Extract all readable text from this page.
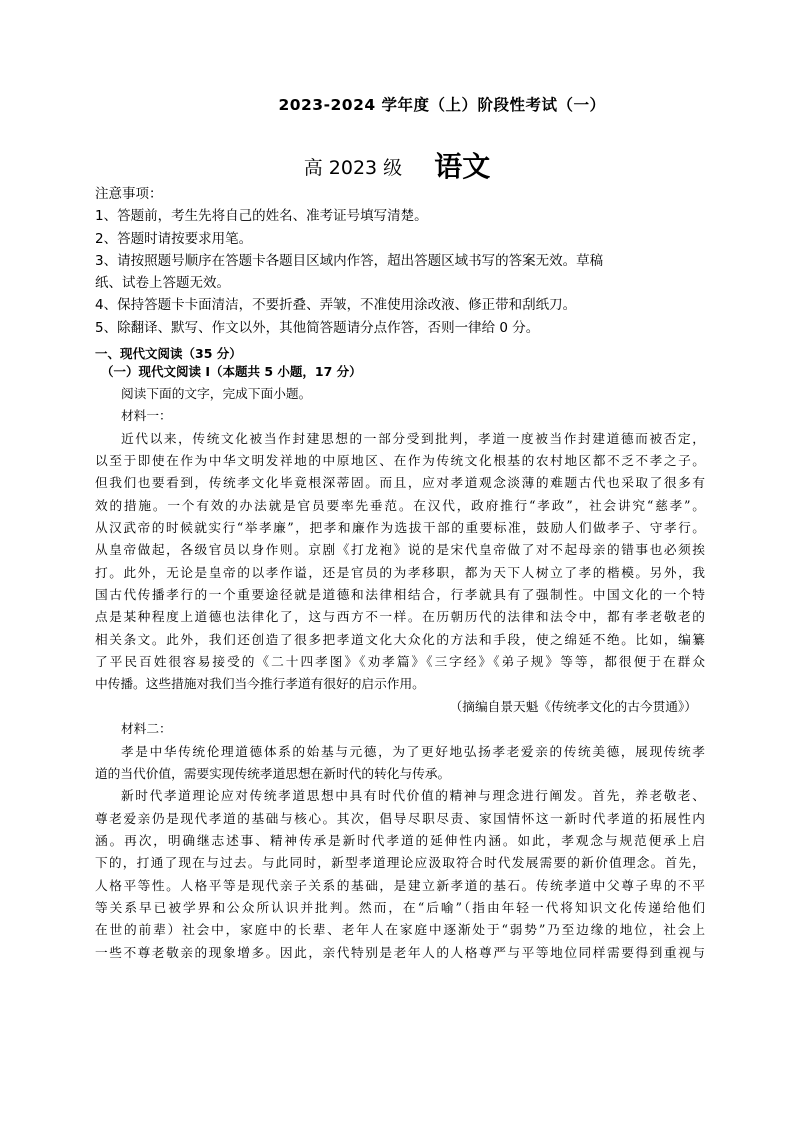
2023-2024 学年度（上）阶段性考试（一）
高 2023 级 语文

注意事项：

1、答题前，考生先将自己的姓名、准考证号填写清楚。

2、答题时请按要求用笔。

3、请按照题号顺序在答题卡各题目区域内作答，超出答题区域书写的答案无效。草稿

纸、试卷上答题无效。

4、保持答题卡卡面清洁，不要折叠、弄皱，不准使用涂改液、修正带和刮纸刀。

5、除翻译、默写、作文以外，其他简答题请分点作答，否则一律给 0 分。

一、现代文阅读（35 分）
（一）现代文阅读 I（本题共 5 小题，17 分）

阅读下面的文字，完成下面小题。

材料一：

近代以来，传统文化被当作封建思想的一部分受到批判，孝道一度被当作封建道德而被否定，

以至于即使在作为中华文明发祥地的中原地区、在作为传统文化根基的农村地区都不乏不孝之子。

但我们也要看到，传统孝文化毕竟根深蒂固。而且，应对孝道观念淡薄的难题古代也采取了很多有

效的措施。一个有效的办法就是官员要率先垂范。在汉代，政府推行“孝政”，社会讲究“慈孝”。

从汉武帝的时候就实行“举孝廉”，把孝和廉作为选拔干部的重要标准，鼓励人们做孝子、守孝行。

从皇帝做起，各级官员以身作则。京剧《打龙袍》说的是宋代皇帝做了对不起母亲的错事也必须挨

打。此外，无论是皇帝的以孝作谥，还是官员的为孝移职，都为天下人树立了孝的楷模。另外，我

国古代传播孝行的一个重要途径就是道德和法律相结合，行孝就具有了强制性。中国文化的一个特

点是某种程度上道德也法律化了，这与西方不一样。在历朝历代的法律和法令中，都有孝老敬老的

相关条文。此外，我们还创造了很多把孝道文化大众化的方法和手段，使之绵延不绝。比如，编纂

了平民百姓很容易接受的《二十四孝图》《劝孝篇》《三字经》《弟子规》等等，都很便于在群众

中传播。这些措施对我们当今推行孝道有很好的启示作用。

（摘编自景天魁《传统孝文化的古今贯通》）

材料二：

孝是中华传统伦理道德体系的始基与元德，为了更好地弘扬孝老爱亲的传统美德，展现传统孝

道的当代价值，需要实现传统孝道思想在新时代的转化与传承。

新时代孝道理论应对传统孝道思想中具有时代价值的精神与理念进行阐发。首先，养老敬老、

尊老爱亲仍是现代孝道的基础与核心。其次，倡导尽职尽责、家国情怀这一新时代孝道的拓展性内

涵。再次，明确继志述事、精神传承是新时代孝道的延伸性内涵。如此，孝观念与规范便承上启

下的，打通了现在与过去。与此同时，新型孝道理论应汲取符合时代发展需要的新价值理念。首先，

人格平等性。人格平等是现代亲子关系的基础，是建立新孝道的基石。传统孝道中父尊子卑的不平

等关系早已被学界和公众所认识并批判。然而，在“后喻”（指由年轻一代将知识文化传递给他们

在世的前辈）社会中，家庭中的长辈、老年人在家庭中逐渐处于“弱势”乃至边缘的地位，社会上

一些不尊老敬亲的现象增多。因此，亲代特别是老年人的人格尊严与平等地位同样需要得到重视与
